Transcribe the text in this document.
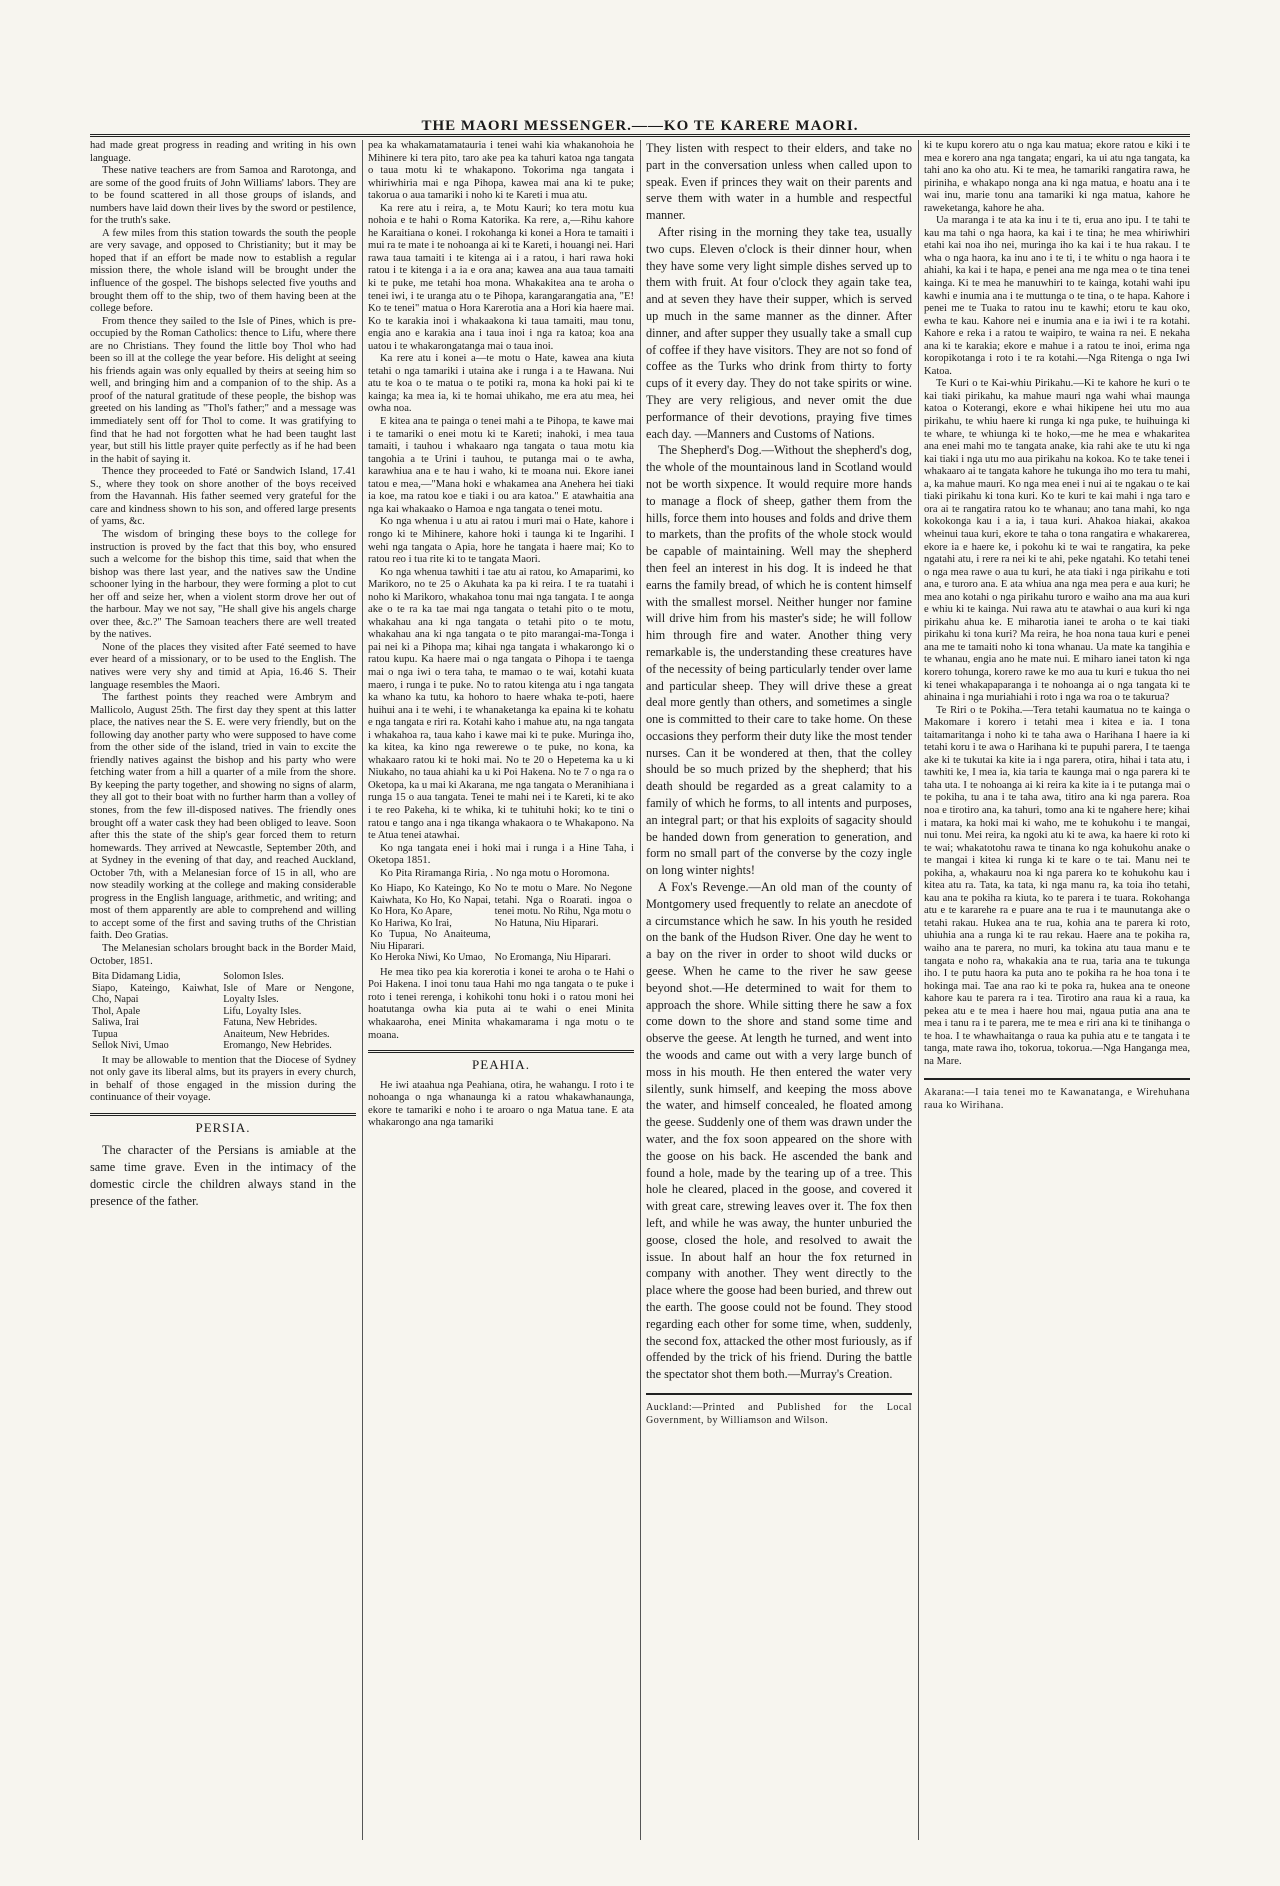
THE MAORI MESSENGER.——KO TE KARERE MAORI.

had made great progress in reading and writing in his own language.

These native teachers are from Samoa and Rarotonga, and are some of the good fruits of John Williams' labors. They are to be found scattered in all those groups of islands, and numbers have laid down their lives by the sword or pestilence, for the truth's sake.

A few miles from this station towards the south the people are very savage, and opposed to Christianity; but it may be hoped that if an effort be made now to establish a regular mission there, the whole island will be brought under the influence of the gospel. The bishops selected five youths and brought them off to the ship, two of them having been at the college before.

From thence they sailed to the Isle of Pines, which is pre-occupied by the Roman Catholics: thence to Lifu, where there are no Christians. They found the little boy Thol who had been so ill at the college the year before. His delight at seeing his friends again was only equalled by theirs at seeing him so well, and bringing him and a companion of to the ship. As a proof of the natural gratitude of these people, the bishop was greeted on his landing as "Thol's father;" and a message was immediately sent off for Thol to come. It was gratifying to find that he had not forgotten what he had been taught last year, but still his little prayer quite perfectly as if he had been in the habit of saying it.

Thence they proceeded to Faté or Sandwich Island, 17.41 S., where they took on shore another of the boys received from the Havannah. His father seemed very grateful for the care and kindness shown to his son, and offered large presents of yams, &c.

The wisdom of bringing these boys to the college for instruction is proved by the fact that this boy, who ensured such a welcome for the bishop this time, said that when the bishop was there last year, and the natives saw the Undine schooner lying in the harbour, they were forming a plot to cut her off and seize her, when a violent storm drove her out of the harbour. May we not say, "He shall give his angels charge over thee, &c.?" The Samoan teachers there are well treated by the natives.

None of the places they visited after Faté seemed to have ever heard of a missionary, or to be used to the English. The natives were very shy and timid at Apia, 16.46 S. Their language resembles the Maori.

The farthest points they reached were Ambrym and Mallicolo, August 25th. The first day they spent at this latter place, the natives near the S. E. were very friendly, but on the following day another party who were supposed to have come from the other side of the island, tried in vain to excite the friendly natives against the bishop and his party who were fetching water from a hill a quarter of a mile from the shore. By keeping the party together, and showing no signs of alarm, they all got to their boat with no further harm than a volley of stones, from the few ill-disposed natives. The friendly ones brought off a water cask they had been obliged to leave. Soon after this the state of the ship's gear forced them to return homewards. They arrived at Newcastle, September 20th, and at Sydney in the evening of that day, and reached Auckland, October 7th, with a Melanesian force of 15 in all, who are now steadily working at the college and making considerable progress in the English language, arithmetic, and writing; and most of them apparently are able to comprehend and willing to accept some of the first and saving truths of the Christian faith. Deo Gratias.

The Melanesian scholars brought back in the Border Maid, October, 1851.

Bita Didamang Lidia,	Solomon Isles.
Siapo, Kateingo, Kaiwhat, Cho, Napai	Isle of Mare or Nengone, Loyalty Isles.
Thol, Apale	Lifu, Loyalty Isles.
Saliwa, Irai	Fatuna, New Hebrides.
Tupua	Anaiteum, New Hebrides.
Sellok Nivi, Umao	Eromango, New Hebrides.

It may be allowable to mention that the Diocese of Sydney not only gave its liberal alms, but its prayers in every church, in behalf of those engaged in the mission during the continuance of their voyage.

PERSIA.

The character of the Persians is amiable at the same time grave. Even in the intimacy of the domestic circle the children always stand in the presence of the father.

pea ka whakamatamatauria i tenei wahi kia whakanohoia he Mihinere ki tera pito, taro ake pea ka tahuri katoa nga tangata o taua motu ki te whakapono. Tokorima nga tangata i whiriwhiria mai e nga Pihopa, kawea mai ana ki te puke; takorua o aua tamariki i noho ki te Kareti i mua atu.

Ka rere atu i reira, a, te Motu Kauri; ko tera motu kua nohoia e te hahi o Roma Katorika. Ka rere, a,—Rihu kahore he Karaitiana o konei. I rokohanga ki konei a Hora te tamaiti i mui ra te mate i te nohoanga ai ki te Kareti, i houangi nei. Hari rawa taua tamaiti i te kitenga ai i a ratou, i hari rawa hoki ratou i te kitenga i a ia e ora ana; kawea ana aua taua tamaiti ki te puke, me tetahi hoa mona. Whakakitea ana te aroha o tenei iwi, i te uranga atu o te Pihopa, karangarangatia ana, "E! Ko te tenei" matua o Hora Karerotia ana a Hori kia haere mai. Ko te karakia inoi i whakaakona ki taua tamaiti, mau tonu, engia ano e karakia ana i taua inoi i nga ra katoa; koa ana uatou i te whakarongatanga mai o taua inoi.

Ka rere atu i konei a—te motu o Hate, kawea ana kiuta tetahi o nga tamariki i utaina ake i runga i a te Hawana. Nui atu te koa o te matua o te potiki ra, mona ka hoki pai ki te kainga; ka mea ia, ki te homai uhikaho, me era atu mea, hei owha noa.

E kitea ana te painga o tenei mahi a te Pihopa, te kawe mai i te tamariki o enei motu ki te Kareti; inahoki, i mea taua tamaiti, i tauhou i whakaaro nga tangata o taua motu kia tangohia a te Urini i tauhou, te putanga mai o te awha, karawhiua ana e te hau i waho, ki te moana nui. Ekore ianei tatou e mea,—"Mana hoki e whakamea ana Anehera hei tiaki ia koe, ma ratou koe e tiaki i ou ara katoa." E atawhaitia ana nga kai whakaako o Hamoa e nga tangata o tenei motu.

Ko nga whenua i u atu ai ratou i muri mai o Hate, kahore i rongo ki te Mihinere, kahore hoki i taunga ki te Ingarihi. I wehi nga tangata o Apia, hore he tangata i haere mai; Ko to ratou reo i tua rite ki to te tangata Maori.

Ko nga whenua tawhiti i tae atu ai ratou, ko Amaparimi, ko Marikoro, no te 25 o Akuhata ka pa ki reira. I te ra tuatahi i noho ki Marikoro, whakahoa tonu mai nga tangata. I te aonga ake o te ra ka tae mai nga tangata o tetahi pito o te motu, whakahau ana ki nga tangata o tetahi pito o te motu, whakahau ana ki nga tangata o te pito marangai-ma-Tonga i pai nei ki a Pihopa ma; kihai nga tangata i whakarongo ki o ratou kupu. Ka haere mai o nga tangata o Pihopa i te taenga mai o nga iwi o tera taha, te mamao o te wai, kotahi kuata maero, i runga i te puke. No to ratou kitenga atu i nga tangata ka whano ka tutu, ka hohoro to haere whaka te-poti, haere huihui ana i te wehi, i te whanaketanga ka epaina ki te kohatu e nga tangata e riri ra. Kotahi kaho i mahue atu, na nga tangata i whakahoa ra, taua kaho i kawe mai ki te puke. Muringa iho, ka kitea, ka kino nga rewerewe o te puke, no kona, ka whakaaro ratou ki te hoki mai. No te 20 o Hepetema ka u ki Niukaho, no taua ahiahi ka u ki Poi Hakena. No te 7 o nga ra o Oketopa, ka u mai ki Akarana, me nga tangata o Meranihiana i runga 15 o aua tangata. Tenei te mahi nei i te Kareti, ki te ako i te reo Pakeha, ki te whika, ki te tuhituhi hoki; ko te tini o ratou e tango ana i nga tikanga whakaora o te Whakapono. Na te Atua tenei atawhai.

Ko nga tangata enei i hoki mai i runga i a Hine Taha, i Oketopa 1851.

Ko Pita Riramanga Riria, . No nga motu o Horomona.

Ko Hiapo, Ko Kateingo, Ko Kaiwhata, Ko Ho, Ko Napai, Ko Hora, Ko Apare,	No te motu o Mare. No Negone tetahi. Nga o Roarati. ingoa o tenei motu. No Rihu, Nga motu o
Ko Hariwa, Ko Irai,	No Hatuna, Niu Hiparari.
Ko Tupua, No Anaiteuma, Niu Hiparari.	
Ko Heroka Niwi, Ko Umao,	No Eromanga, Niu Hiparari.

He mea tiko pea kia korerotia i konei te aroha o te Hahi o Poi Hakena. I inoi tonu taua Hahi mo nga tangata o te puke i roto i tenei rerenga, i kohikohi tonu hoki i o ratou moni hei hoatutanga owha kia puta ai te wahi o enei Minita whakaaroha, enei Minita whakamarama i nga motu o te moana.

PEAHIA.

He iwi ataahua nga Peahiana, otira, he wahangu. I roto i te nohoanga o nga whanaunga ki a ratou whakawhanaunga, ekore te tamariki e noho i te aroaro o nga Matua tane. E ata whakarongo ana nga tamariki

They listen with respect to their elders, and take no part in the conversation unless when called upon to speak. Even if princes they wait on their parents and serve them with water in a humble and respectful manner.

After rising in the morning they take tea, usually two cups. Eleven o'clock is their dinner hour, when they have some very light simple dishes served up to them with fruit. At four o'clock they again take tea, and at seven they have their supper, which is served up much in the same manner as the dinner. After dinner, and after supper they usually take a small cup of coffee if they have visitors. They are not so fond of coffee as the Turks who drink from thirty to forty cups of it every day. They do not take spirits or wine. They are very religious, and never omit the due performance of their devotions, praying five times each day. —Manners and Customs of Nations.

The Shepherd's Dog.—Without the shepherd's dog, the whole of the mountainous land in Scotland would not be worth sixpence. It would require more hands to manage a flock of sheep, gather them from the hills, force them into houses and folds and drive them to markets, than the profits of the whole stock would be capable of maintaining. Well may the shepherd then feel an interest in his dog. It is indeed he that earns the family bread, of which he is content himself with the smallest morsel. Neither hunger nor famine will drive him from his master's side; he will follow him through fire and water. Another thing very remarkable is, the understanding these creatures have of the necessity of being particularly tender over lame and particular sheep. They will drive these a great deal more gently than others, and sometimes a single one is committed to their care to take home. On these occasions they perform their duty like the most tender nurses. Can it be wondered at then, that the colley should be so much prized by the shepherd; that his death should be regarded as a great calamity to a family of which he forms, to all intents and purposes, an integral part; or that his exploits of sagacity should be handed down from generation to generation, and form no small part of the converse by the cozy ingle on long winter nights!

A Fox's Revenge.—An old man of the county of Montgomery used frequently to relate an anecdote of a circumstance which he saw. In his youth he resided on the bank of the Hudson River. One day he went to a bay on the river in order to shoot wild ducks or geese. When he came to the river he saw geese beyond shot.—He determined to wait for them to approach the shore. While sitting there he saw a fox come down to the shore and stand some time and observe the geese. At length he turned, and went into the woods and came out with a very large bunch of moss in his mouth. He then entered the water very silently, sunk himself, and keeping the moss above the water, and himself concealed, he floated among the geese. Suddenly one of them was drawn under the water, and the fox soon appeared on the shore with the goose on his back. He ascended the bank and found a hole, made by the tearing up of a tree. This hole he cleared, placed in the goose, and covered it with great care, strewing leaves over it. The fox then left, and while he was away, the hunter unburied the goose, closed the hole, and resolved to await the issue. In about half an hour the fox returned in company with another. They went directly to the place where the goose had been buried, and threw out the earth. The goose could not be found. They stood regarding each other for some time, when, suddenly, the second fox, attacked the other most furiously, as if offended by the trick of his friend. During the battle the spectator shot them both.—Murray's Creation.

Auckland:—Printed and Published for the Local Government, by Williamson and Wilson.

ki te kupu korero atu o nga kau matua; ekore ratou e kiki i te mea e korero ana nga tangata; engari, ka ui atu nga tangata, ka tahi ano ka oho atu. Ki te mea, he tamariki rangatira rawa, he piriniha, e whakapo nonga ana ki nga matua, e hoatu ana i te wai inu, marie tonu ana tamariki ki nga matua, kahore he raweketanga, kahore he aha.

Ua maranga i te ata ka inu i te ti, erua ano ipu. I te tahi te kau ma tahi o nga haora, ka kai i te tina; he mea whiriwhiri etahi kai noa iho nei, muringa iho ka kai i te hua rakau. I te wha o nga haora, ka inu ano i te ti, i te whitu o nga haora i te ahiahi, ka kai i te hapa, e penei ana me nga mea o te tina tenei kainga. Ki te mea he manuwhiri to te kainga, kotahi wahi ipu kawhi e inumia ana i te muttunga o te tina, o te hapa. Kahore i penei me te Tuaka to ratou inu te kawhi; etoru te kau oko, ewha te kau. Kahore nei e inumia ana e ia iwi i te ra kotahi. Kahore e reka i a ratou te waipiro, te waina ra nei. E nekaha ana ki te karakia; ekore e mahue i a ratou te inoi, erima nga koropikotanga i roto i te ra kotahi.—Nga Ritenga o nga Iwi Katoa.

Te Kuri o te Kai-whiu Pirikahu.—Ki te kahore he kuri o te kai tiaki pirikahu, ka mahue mauri nga wahi whai maunga katoa o Koterangi, ekore e whai hikipene hei utu mo aua pirikahu, te whiu haere ki runga ki nga puke, te huihuinga ki te whare, te whiunga ki te hoko,—me he mea e whakaritea ana enei mahi mo te tangata anake, kia rahi ake te utu ki nga kai tiaki i nga utu mo aua pirikahu na kokoa. Ko te take tenei i whakaaro ai te tangata kahore he tukunga iho mo tera tu mahi, a, ka mahue mauri. Ko nga mea enei i nui ai te ngakau o te kai tiaki pirikahu ki tona kuri. Ko te kuri te kai mahi i nga taro e ora ai te rangatira ratou ko te whanau; ano tana mahi, ko nga kokokonga kau i a ia, i taua kuri. Ahakoa hiakai, akakoa wheinui taua kuri, ekore te taha o tona rangatira e whakarerea, ekore ia e haere ke, i pokohu ki te wai te rangatira, ka peke ngatahi atu, i rere ra nei ki te ahi, peke ngatahi. Ko tetahi tenei o nga mea rawe o aua tu kuri, he ata tiaki i nga pirikahu e toti ana, e turoro ana. E ata whiua ana nga mea pera e aua kuri; he mea ano kotahi o nga pirikahu turoro e waiho ana ma aua kuri e whiu ki te kainga. Nui rawa atu te atawhai o aua kuri ki nga pirikahu ahua ke. E miharotia ianei te aroha o te kai tiaki pirikahu ki tona kuri? Ma reira, he hoa nona taua kuri e penei ana me te tamaiti noho ki tona whanau. Ua mate ka tangihia e te whanau, engia ano he mate nui. E miharo ianei taton ki nga korero tohunga, korero rawe ke mo aua tu kuri e tukua tho nei ki tenei whakapaparanga i te nohoanga ai o nga tangata ki te ahinaina i nga muriahiahi i roto i nga wa roa o te takurua?

Te Riri o te Pokiha.—Tera tetahi kaumatua no te kainga o Makomare i korero i tetahi mea i kitea e ia. I tona taitamaritanga i noho ki te taha awa o Harihana I haere ia ki tetahi koru i te awa o Harihana ki te pupuhi parera, I te taenga ake ki te tukutai ka kite ia i nga parera, otira, hihai i tata atu, i tawhiti ke, I mea ia, kia taria te kaunga mai o nga parera ki te taha uta. I te nohoanga ai ki reira ka kite ia i te putanga mai o te pokiha, tu ana i te taha awa, titiro ana ki nga parera. Roa noa e tirotiro ana, ka tahuri, tomo ana ki te ngahere here; kihai i matara, ka hoki mai ki waho, me te kohukohu i te mangai, nui tonu. Mei reira, ka ngoki atu ki te awa, ka haere ki roto ki te wai; whakatotohu rawa te tinana ko nga kohukohu anake o te mangai i kitea ki runga ki te kare o te tai. Manu nei te pokiha, a, whakauru noa ki nga parera ko te kohukohu kau i kitea atu ra. Tata, ka tata, ki nga manu ra, ka toia iho tetahi, kau ana te pokiha ra kiuta, ko te parera i te tuara. Rokohanga atu e te kararehe ra e puare ana te rua i te maunutanga ake o tetahi rakau. Hukea ana te rua, kohia ana te parera ki roto, uhiuhia ana a runga ki te rau rekau. Haere ana te pokiha ra, waiho ana te parera, no muri, ka tokina atu taua manu e te tangata e noho ra, whakakia ana te rua, taria ana te tukunga iho. I te putu haora ka puta ano te pokiha ra he hoa tona i te hokinga mai. Tae ana rao ki te poka ra, hukea ana te oneone kahore kau te parera ra i tea. Tirotiro ana raua ki a raua, ka pekea atu e te mea i haere hou mai, ngaua putia ana ana te mea i tanu ra i te parera, me te mea e riri ana ki te tinihanga o te hoa. I te whawhaitanga o raua ka puhia atu e te tangata i te tanga, mate rawa iho, tokorua, tokorua.—Nga Hanganga mea, na Mare.

Akarana:—I taia tenei mo te Kawanatanga, e Wirehuhana raua ko Wirihana.
